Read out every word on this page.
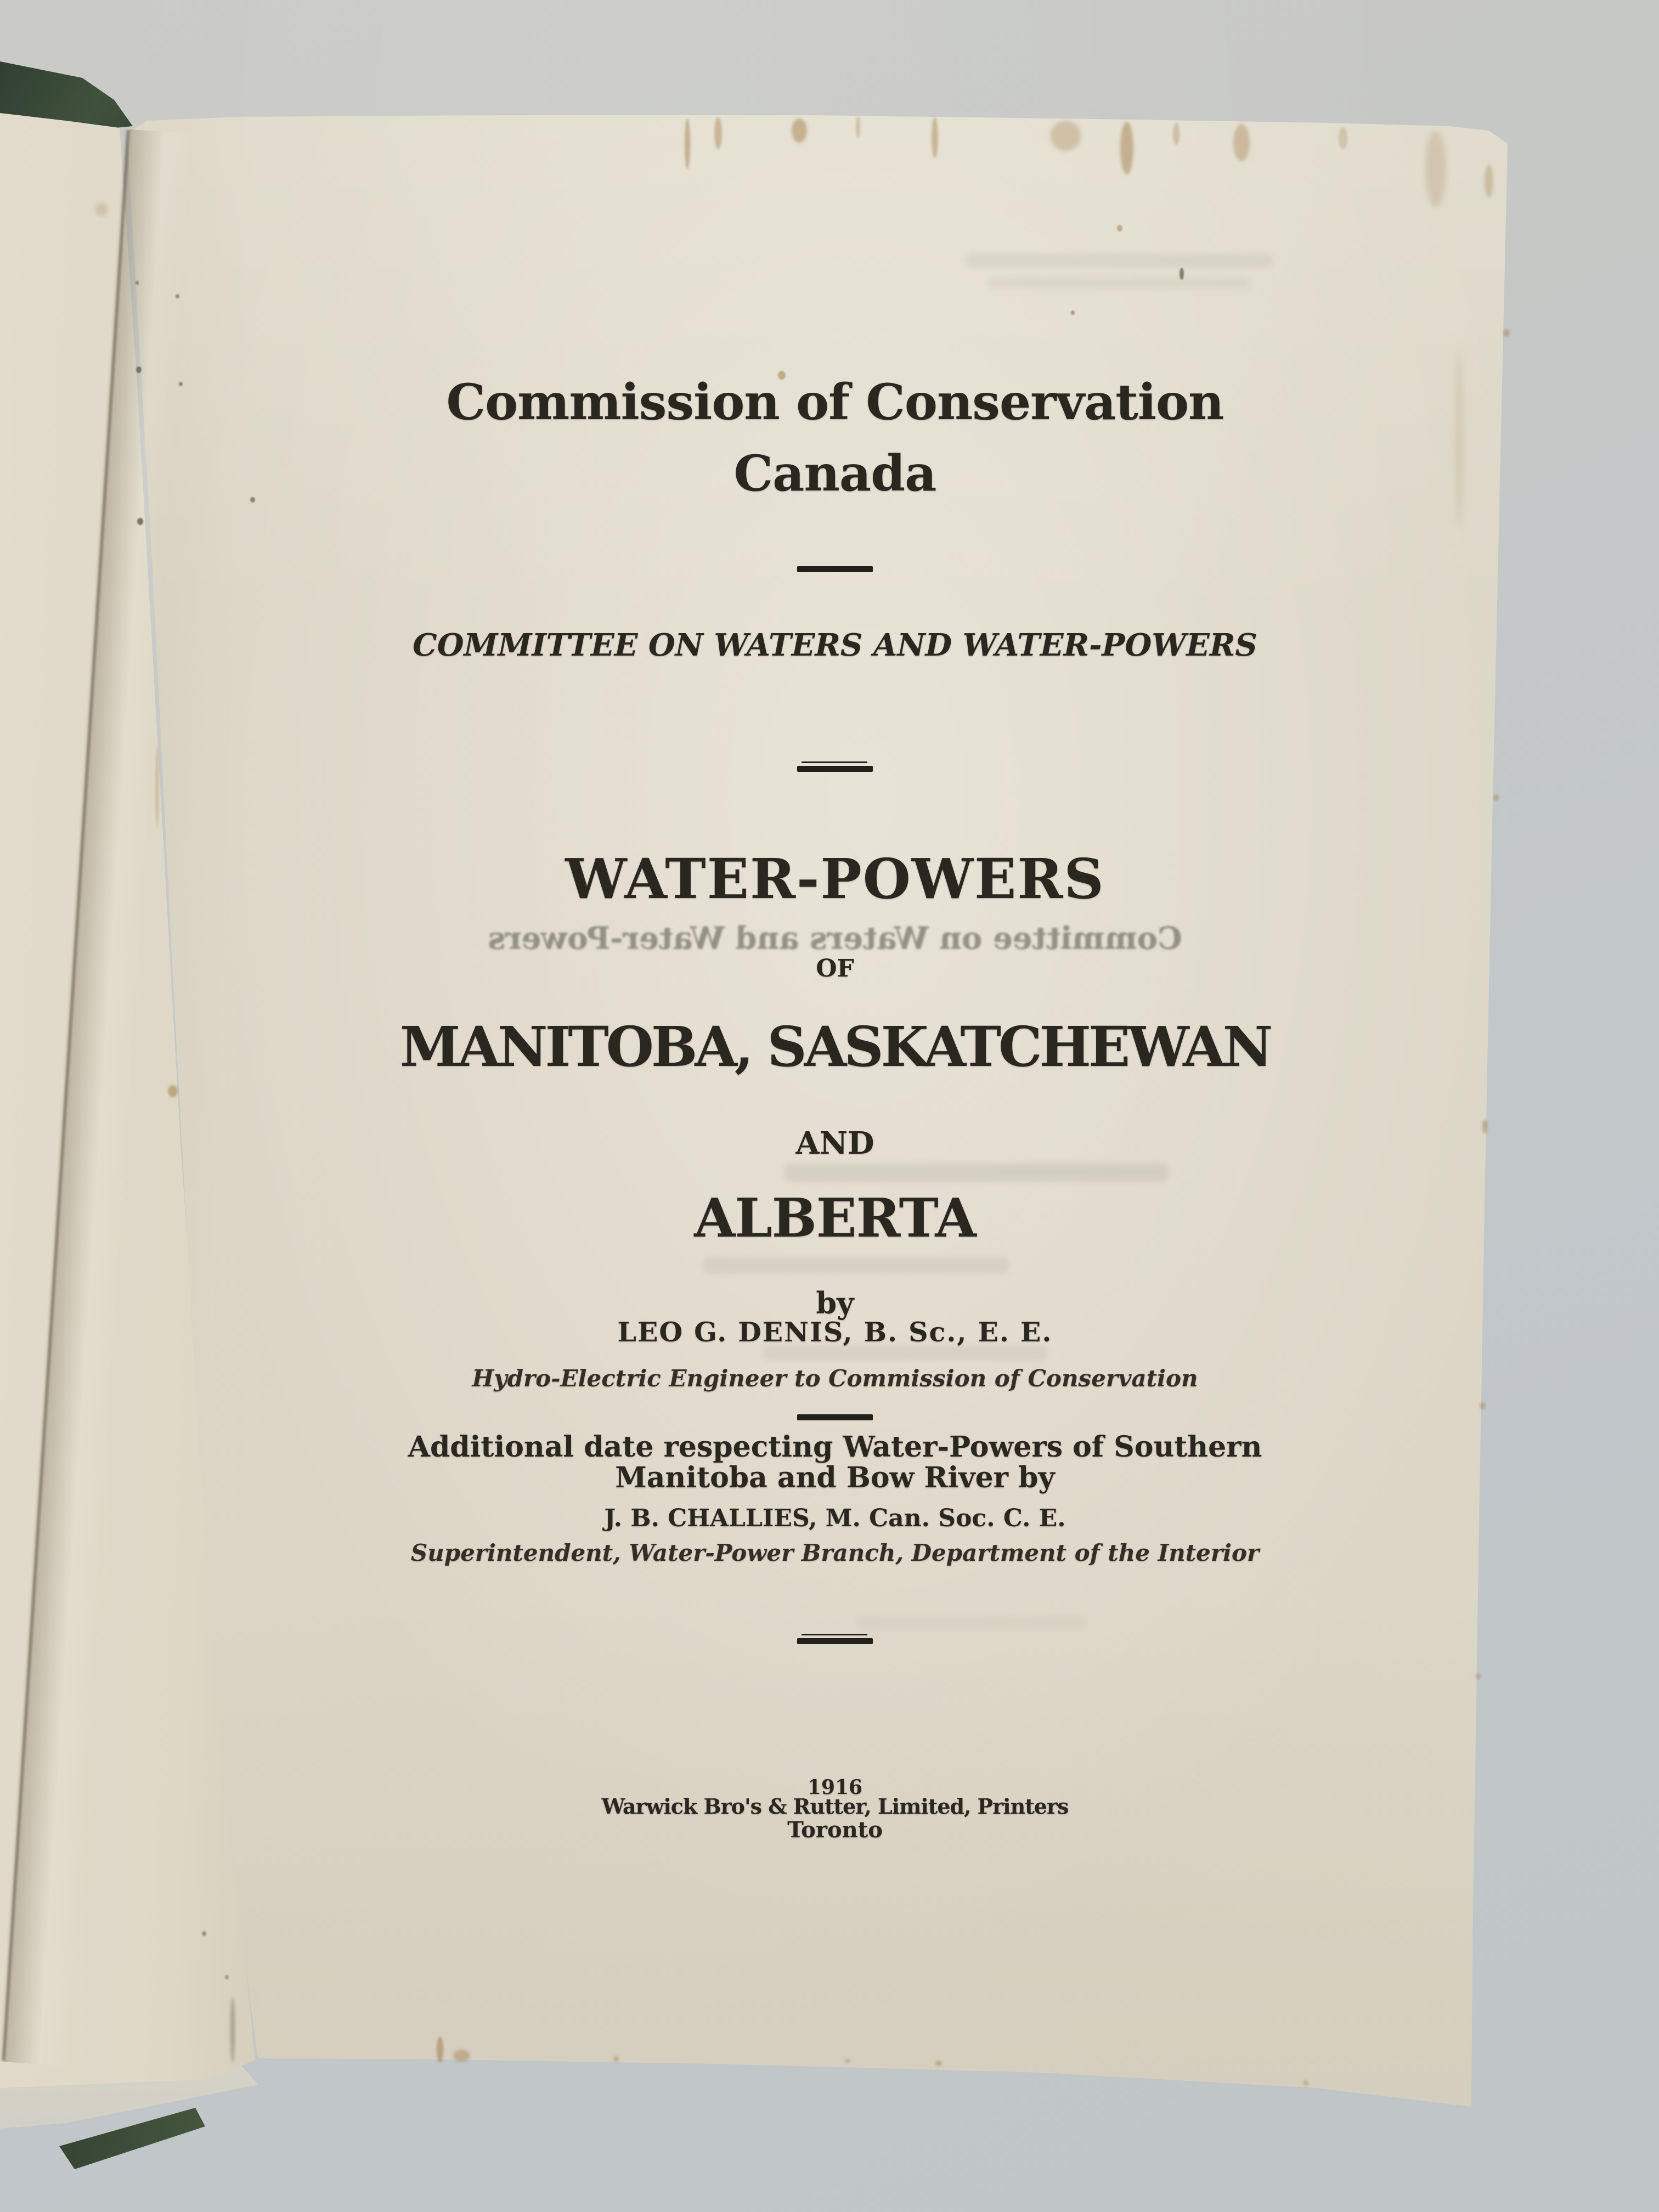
Commission of Conservation
Canada
COMMITTEE ON WATERS AND WATER-POWERS
WATER-POWERS
Committee on Waters and Water-Powers
OF
MANITOBA, SASKATCHEWAN
AND
ALBERTA
by
LEO G. DENIS, B. Sc., E. E.
Hydro-Electric Engineer to Commission of Conservation
Additional date respecting Water-Powers of Southern
Manitoba and Bow River by
J. B. CHALLIES, M. Can. Soc. C. E.
Superintendent, Water-Power Branch, Department of the Interior
1916
Warwick Bro's & Rutter, Limited, Printers
Toronto
